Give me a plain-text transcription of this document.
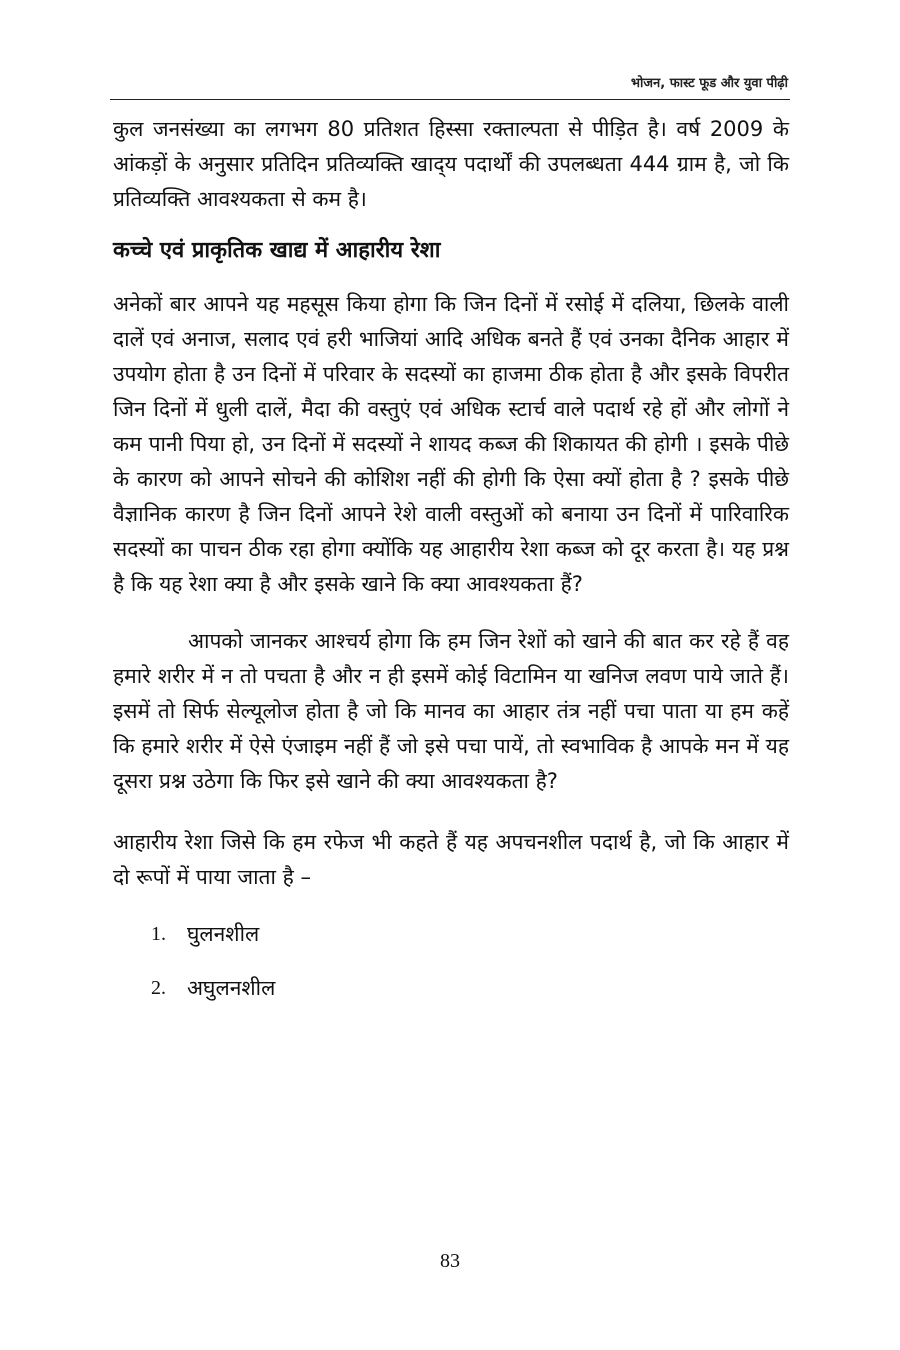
भोजन, फास्ट फूड और युवा पीढ़ी

कुल जनसंख्या का लगभग 80 प्रतिशत हिस्सा रक्ताल्पता से पीड़ित है। वर्ष 2009 के आंकड़ों के अनुसार प्रतिदिन प्रतिव्यक्ति खाद्‌य पदार्थों की उपलब्धता 444 ग्राम है, जो कि प्रतिव्यक्ति आवश्यकता से कम है।

कच्चे एवं प्राकृतिक खाद्य में आहारीय रेशा

अनेकों बार आपने यह महसूस किया होगा कि जिन दिनों में रसोई में दलिया, छिलके वाली दालें एवं अनाज, सलाद एवं हरी भाजियां आदि अधिक बनते हैं एवं उनका दैनिक आहार में उपयोग होता है उन दिनों में परिवार के सदस्यों का हाजमा ठीक होता है और इसके विपरीत जिन दिनों में धुली दालें, मैदा की वस्तुएं एवं अधिक स्टार्च वाले पदार्थ रहे हों और लोगों ने कम पानी पिया हो, उन दिनों में सदस्यों ने शायद कब्ज की शिकायत की होगी । इसके पीछे के कारण को आपने सोचने की कोशिश नहीं की होगी कि ऐसा क्यों होता है ? इसके पीछे वैज्ञानिक कारण है जिन दिनों आपने रेशे वाली वस्तुओं को बनाया उन दिनों में पारिवारिक सदस्यों का पाचन ठीक रहा होगा क्योंकि यह आहारीय रेशा कब्ज को दूर करता है। यह प्रश्न है कि यह रेशा क्या है और इसके खाने कि क्या आवश्यकता हैं?

आपको जानकर आश्चर्य होगा कि हम जिन रेशों को खाने की बात कर रहे हैं वह हमारे शरीर में न तो पचता है और न ही इसमें कोई विटामिन या खनिज लवण पाये जाते हैं। इसमें तो सिर्फ सेल्यूलोज होता है जो कि मानव का आहार तंत्र नहीं पचा पाता या हम कहें कि हमारे शरीर में ऐसे एंजाइम नहीं हैं जो इसे पचा पायें, तो स्वभाविक है आपके मन में यह दूसरा प्रश्न उठेगा कि फिर इसे खाने की क्या आवश्यकता है?

आहारीय रेशा जिसे कि हम रफेज भी कहते हैं यह अपचनशील पदार्थ है, जो कि आहार में दो रूपों में पाया जाता है –

1.	घुलनशील
2.	अघुलनशील
83
